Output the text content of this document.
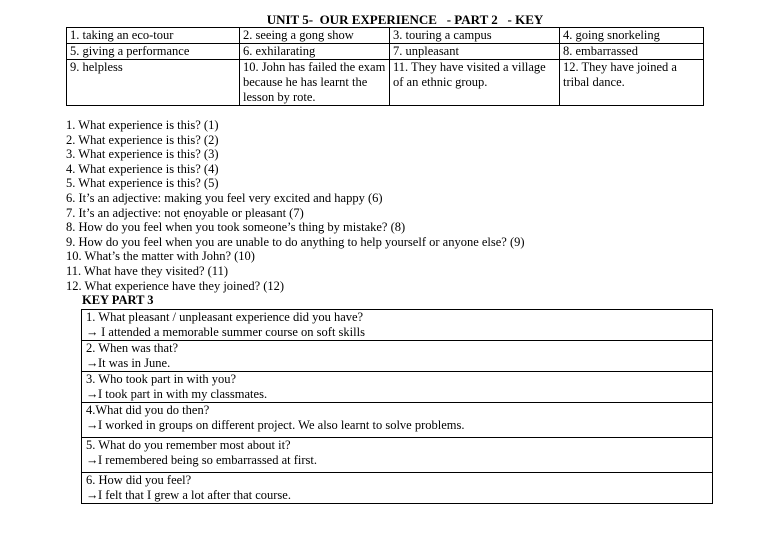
UNIT 5-  OUR EXPERIENCE   - PART 2   - KEY
1. taking an eco-tour	2. seeing a gong show	3. touring a campus	4. going snorkeling
5. giving a performance	6. exhilarating	7. unpleasant	8. embarrassed
9. helpless	10. John has failed the exam because he has learnt the lesson by rote.	11. They have visited a village of an ethnic group.	12. They have joined a tribal dance.
1. What experience is this? (1)
2. What experience is this? (2)
3. What experience is this? (3)
4. What experience is this? (4)
5. What experience is this? (5)
6. It’s an adjective: making you feel very excited and happy (6)
7. It’s an adjective: not ẹnoyable or pleasant (7)
8. How do you feel when you took someone’s thing by mistake? (8)
9. How do you feel when you are unable to do anything to help yourself or anyone else? (9)
10. What’s the matter with John? (10)
11. What have they visited? (11)
12. What experience have they joined? (12)
KEY PART 3
1. What pleasant / unpleasant experience did you have?
→ I attended a memorable summer course on soft skills

2. When was that?
→It was in June.

3. Who took part in with you?
→I took part in with my classmates.

4.What did you do then?
→I worked in groups on different project. We also learnt to solve problems.

5. What do you remember most about it?
→I remembered being so embarrassed at first.

6. How did you feel?
→I felt that I grew a lot after that course.
